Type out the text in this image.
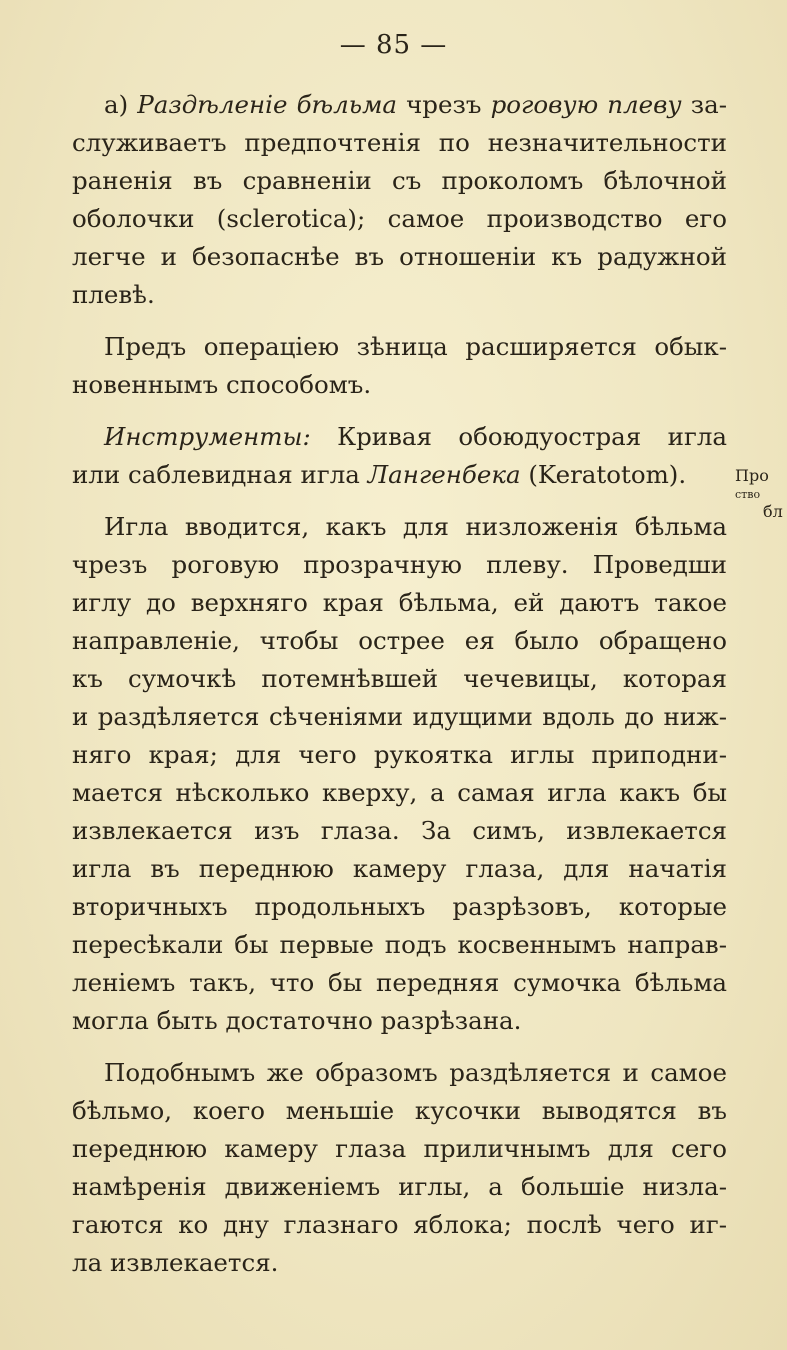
— 85 —
а) Раздѣленіе бѣльма чрезъ роговую плеву за-
служиваетъ предпочтенія по незначительности
раненія въ сравненіи съ проколомъ бѣлочной
оболочки (sclerotica); самое производство его
легче и безопаснѣе въ отношеніи къ радужной
плевѣ.
Предъ операціею зѣница расширяется обык-
новеннымъ способомъ.
Инструменты: Кривая обоюдуострая игла
или саблевидная игла Лангенбека (Keratotom).
Игла вводится, какъ для низложенія бѣльма
чрезъ роговую прозрачную плеву. Проведши
иглу до верхняго края бѣльма, ей даютъ такое
направленіе, чтобы острее ея было обращено
къ сумочкѣ потемнѣвшей чечевицы, которая
и раздѣляется сѣченіями идущими вдоль до ниж-
няго края; для чего рукоятка иглы приподни-
мается нѣсколько кверху, а самая игла какъ бы
извлекается изъ глаза. За симъ, извлекается
игла въ переднюю камеру глаза, для начатія
вторичныхъ продольныхъ разрѣзовъ, которые
пересѣкали бы первые подъ косвеннымъ направ-
леніемъ такъ, что бы передняя сумочка бѣльма
могла быть достаточно разрѣзана.
Подобнымъ же образомъ раздѣляется и самое
бѣльмо, коего меньшіе кусочки выводятся въ
переднюю камеру глаза приличнымъ для сего
намѣренія движеніемъ иглы, а большіе низла-
гаются ко дну глазнаго яблока; послѣ чего иг-
ла извлекается.
Про
ство
бл
